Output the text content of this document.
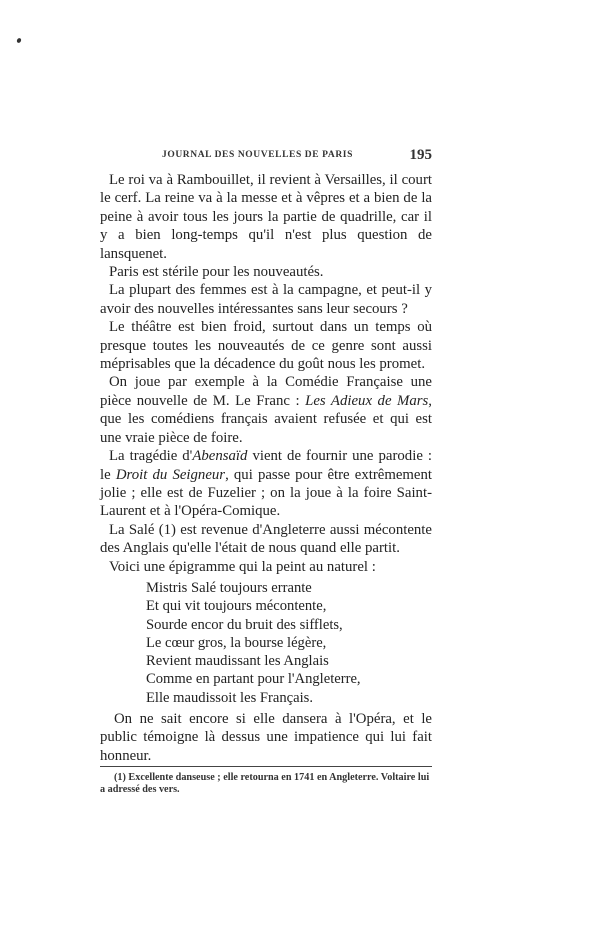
JOURNAL DES NOUVELLES DE PARIS	195

Le roi va à Rambouillet, il revient à Versailles, il court le cerf. La reine va à la messe et à vêpres et a bien de la peine à avoir tous les jours la partie de quadrille, car il y a bien long-temps qu'il n'est plus question de lansquenet.

Paris est stérile pour les nouveautés.

La plupart des femmes est à la campagne, et peut-il y avoir des nouvelles intéressantes sans leur secours ?

Le théâtre est bien froid, surtout dans un temps où presque toutes les nouveautés de ce genre sont aussi méprisables que la décadence du goût nous les promet.

On joue par exemple à la Comédie Française une pièce nouvelle de M. Le Franc : Les Adieux de Mars, que les comédiens français avaient refusée et qui est une vraie pièce de foire.

La tragédie d'Abensaïd vient de fournir une parodie : le Droit du Seigneur, qui passe pour être extrêmement jolie ; elle est de Fuzelier ; on la joue à la foire Saint-Laurent et à l'Opéra-Comique.

La Salé (1) est revenue d'Angleterre aussi mécontente des Anglais qu'elle l'était de nous quand elle partit.

Voici une épigramme qui la peint au naturel :

Mistris Salé toujours errante
Et qui vit toujours mécontente,
Sourde encor du bruit des sifflets,
Le cœur gros, la bourse légère,
Revient maudissant les Anglais
Comme en partant pour l'Angleterre,
Elle maudissoit les Français.

On ne sait encore si elle dansera à l'Opéra, et le public témoigne là dessus une impatience qui lui fait honneur.

(1) Excellente danseuse ; elle retourna en 1741 en Angleterre. Voltaire lui a adressé des vers.
